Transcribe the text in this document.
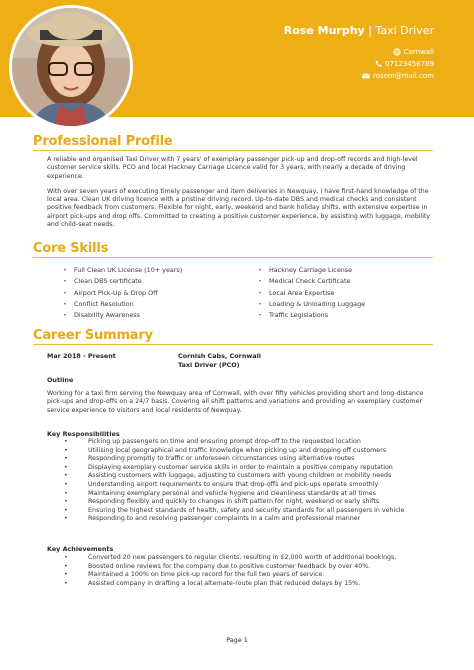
Rose Murphy | Taxi Driver
Cornwall
07123456789
rosem@mail.com
Professional Profile

A reliable and organised Taxi Driver with 7 years' of exemplary passenger pick-up and drop-off records and high-level customer service skills. PCO and local Hackney Carriage Licence valid for 3 years, with nearly a decade of driving experience.

With over seven years of executing timely passenger and item deliveries in Newquay, I have first-hand knowledge of the local area. Clean UK driving licence with a pristine driving record. Up-to-date DBS and medical checks and consistent positive feedback from customers. Flexible for night, early, weekend and bank holiday shifts, with extensive expertise in airport pick-ups and drop offs. Committed to creating a positive customer experience, by assisting with luggage, mobility and child-seat needs.

Core Skills
• Full Clean UK License (10+ years)
• Clean DBS certificate
• Airport Pick-Up & Drop Off
• Conflict Resolution
• Disability Awareness
• Hackney Carriage License
• Medical Check Certificate
• Local Area Expertise
• Loading & Unloading Luggage
• Traffic Legislations
Career Summary
Mar 2018 - Present	Cornish Cabs, Cornwall
Taxi Driver (PCO)
Outline
Working for a taxi firm serving the Newquay area of Cornwall, with over fifty vehicles providing short and long-distance pick-ups and drop-offs on a 24/7 basis. Covering all shift patterns and variations and providing an exemplary customer service experience to visitors and local residents of Newquay.
Key Responsibilities
• Picking up passengers on time and ensuring prompt drop-off to the requested location
• Utilising local geographical and traffic knowledge when picking up and dropping off customers
• Responding promptly to traffic or unforeseen circumstances using alternative routes
• Displaying exemplary customer service skills in order to maintain a positive company reputation
• Assisting customers with luggage, adjusting to customers with young children or mobility needs
• Understanding airport requirements to ensure that drop-offs and pick-ups operate smoothly
• Maintaining exemplary personal and vehicle hygiene and cleanliness standards at all times
• Responding flexibly and quickly to changes in shift pattern for night, weekend or early shifts
• Ensuring the highest standards of health, safety and security standards for all passengers in vehicle
• Responding to and resolving passenger complaints in a calm and professional manner
Key Achievements
• Converted 20 new passengers to regular clients, resulting in £2,000 worth of additional bookings.
• Boosted online reviews for the company due to positive customer feedback by over 40%.
• Maintained a 100% on time pick-up record for the full two years of service.
• Assisted company in drafting a local alternate-route plan that reduced delays by 15%.
Page 1
